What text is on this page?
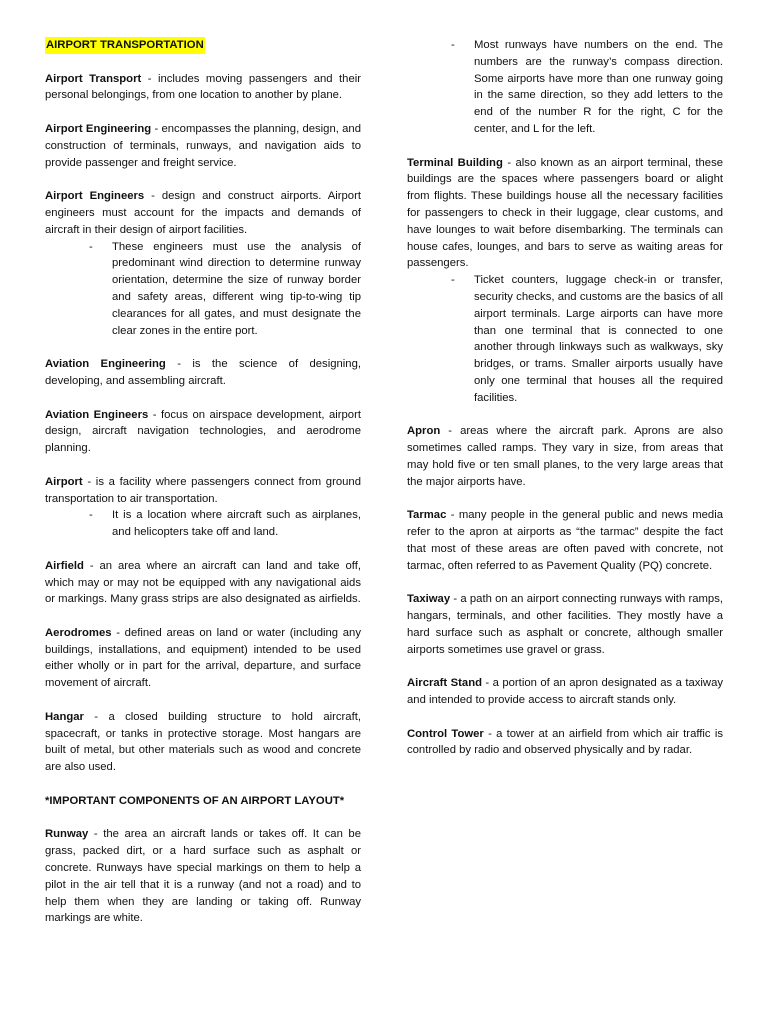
AIRPORT TRANSPORTATION

Airport Transport - includes moving passengers and their personal belongings, from one location to another by plane.

Airport Engineering - encompasses the planning, design, and construction of terminals, runways, and navigation aids to provide passenger and freight service.

Airport Engineers - design and construct airports. Airport engineers must account for the impacts and demands of aircraft in their design of airport facilities.

-	These engineers must use the analysis of predominant wind direction to determine runway orientation, determine the size of runway border and safety areas, different wing tip-to-wing tip clearances for all gates, and must designate the clear zones in the entire port.

Aviation Engineering - is the science of designing, developing, and assembling aircraft.

Aviation Engineers - focus on airspace development, airport design, aircraft navigation technologies, and aerodrome planning.

Airport - is a facility where passengers connect from ground transportation to air transportation.

-	It is a location where aircraft such as airplanes, and helicopters take off and land.

Airfield - an area where an aircraft can land and take off, which may or may not be equipped with any navigational aids or markings. Many grass strips are also designated as airfields.

Aerodromes - defined areas on land or water (including any buildings, installations, and equipment) intended to be used either wholly or in part for the arrival, departure, and surface movement of aircraft.

Hangar - a closed building structure to hold aircraft, spacecraft, or tanks in protective storage. Most hangars are built of metal, but other materials such as wood and concrete are also used.

*IMPORTANT COMPONENTS OF AN AIRPORT LAYOUT*

Runway - the area an aircraft lands or takes off. It can be grass, packed dirt, or a hard surface such as asphalt or concrete. Runways have special markings on them to help a pilot in the air tell that it is a runway (and not a road) and to help them when they are landing or taking off. Runway markings are white.

-	Most runways have numbers on the end. The numbers are the runway’s compass direction. Some airports have more than one runway going in the same direction, so they add letters to the end of the number R for the right, C for the center, and L for the left.

Terminal Building - also known as an airport terminal, these buildings are the spaces where passengers board or alight from flights. These buildings house all the necessary facilities for passengers to check in their luggage, clear customs, and have lounges to wait before disembarking. The terminals can house cafes, lounges, and bars to serve as waiting areas for passengers.

-	Ticket counters, luggage check-in or transfer, security checks, and customs are the basics of all airport terminals. Large airports can have more than one terminal that is connected to one another through linkways such as walkways, sky bridges, or trams. Smaller airports usually have only one terminal that houses all the required facilities.

Apron - areas where the aircraft park. Aprons are also sometimes called ramps. They vary in size, from areas that may hold five or ten small planes, to the very large areas that the major airports have.

Tarmac - many people in the general public and news media refer to the apron at airports as “the tarmac” despite the fact that most of these areas are often paved with concrete, not tarmac, often referred to as Pavement Quality (PQ) concrete.

Taxiway - a path on an airport connecting runways with ramps, hangars, terminals, and other facilities. They mostly have a hard surface such as asphalt or concrete, although smaller airports sometimes use gravel or grass.

Aircraft Stand - a portion of an apron designated as a taxiway and intended to provide access to aircraft stands only.

Control Tower - a tower at an airfield from which air traffic is controlled by radio and observed physically and by radar.
